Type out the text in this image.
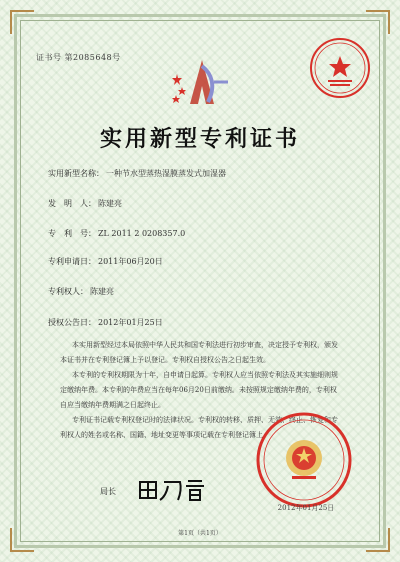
证书号 第2085648号
实用新型专利证书
实用新型名称： 一种节水型蒸热湿膜蒸发式加湿器
发　明　人： 陈建亮
专　利　号： ZL 2011 2 0208357.0
专利申请日： 2011年06月20日
专利权人： 陈建亮
授权公告日： 2012年01月25日

本实用新型经过本局依照中华人民共和国专利法进行初步审查，决定授予专利权，颁发本证书并在专利登记簿上予以登记。专利权自授权公告之日起生效。

本专利的专利权期限为十年，自申请日起算。专利权人应当依照专利法及其实施细则规定缴纳年费。本专利的年费应当在每年06月20日前缴纳。未按照规定缴纳年费的，专利权自应当缴纳年费期满之日起终止。

专利证书记载专利权登记时的法律状况。专利权的转移、质押、无效、终止、恢复和专利权人的姓名或名称、国籍、地址变更等事项记载在专利登记簿上。

2012年01月25日
局长
第1页（共1页）
